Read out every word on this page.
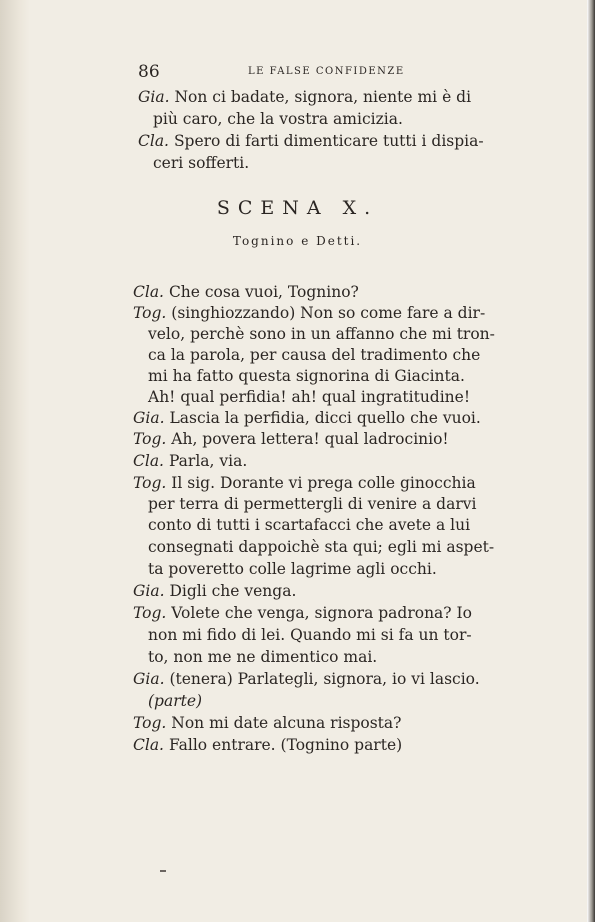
86	LE FALSE CONFIDENZE
Gia. Non ci badate, signora, niente mi è di
più caro, che la vostra amicizia.
Cla. Spero di farti dimenticare tutti i dispia-
ceri sofferti.
SCENA X.
Tognino e Detti.
Cla. Che cosa vuoi, Tognino?
Tog. (singhiozzando) Non so come fare a dir-
velo, perchè sono in un affanno che mi tron-
ca la parola, per causa del tradimento che
mi ha fatto questa signorina di Giacinta.
Ah! qual perfidia! ah! qual ingratitudine!
Gia. Lascia la perfidia, dicci quello che vuoi.
Tog. Ah, povera lettera! qual ladrocinio!
Cla. Parla, via.
Tog. Il sig. Dorante vi prega colle ginocchia
per terra di permettergli di venire a darvi
conto di tutti i scartafacci che avete a lui
consegnati dappoichè sta qui; egli mi aspet-
ta poveretto colle lagrime agli occhi.
Gia. Digli che venga.
Tog. Volete che venga, signora padrona? Io
non mi fido di lei. Quando mi si fa un tor-
to, non me ne dimentico mai.
Gia. (tenera) Parlategli, signora, io vi lascio.
(parte)
Tog. Non mi date alcuna risposta?
Cla. Fallo entrare. (Tognino parte)
